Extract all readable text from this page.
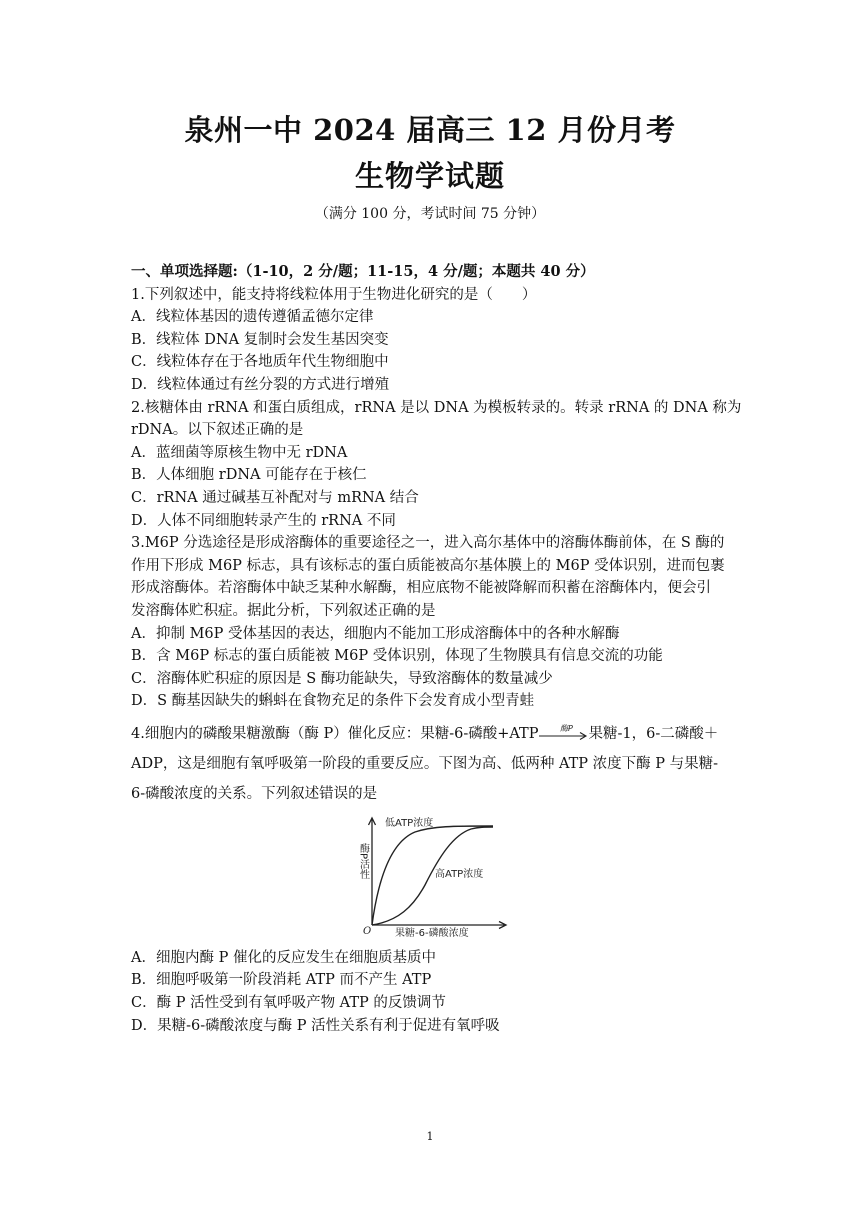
泉州一中 2024 届高三 12 月份月考
生物学试题
（满分 100 分，考试时间 75 分钟）
一、单项选择题:（1-10，2 分/题；11-15，4 分/题；本题共 40 分）
1.下列叙述中，能支持将线粒体用于生物进化研究的是（　　）
A．线粒体基因的遗传遵循孟德尔定律
B．线粒体 DNA 复制时会发生基因突变
C．线粒体存在于各地质年代生物细胞中
D．线粒体通过有丝分裂的方式进行增殖
2.核糖体由 rRNA 和蛋白质组成，rRNA 是以 DNA 为模板转录的。转录 rRNA 的 DNA 称为
rDNA。以下叙述正确的是
A．蓝细菌等原核生物中无 rDNA
B．人体细胞 rDNA 可能存在于核仁
C．rRNA 通过碱基互补配对与 mRNA 结合
D．人体不同细胞转录产生的 rRNA 不同
3.M6P 分选途径是形成溶酶体的重要途径之一，进入高尔基体中的溶酶体酶前体，在 S 酶的
作用下形成 M6P 标志，具有该标志的蛋白质能被高尔基体膜上的 M6P 受体识别，进而包裹
形成溶酶体。若溶酶体中缺乏某种水解酶，相应底物不能被降解而积蓄在溶酶体内，便会引
发溶酶体贮积症。据此分析，下列叙述正确的是
A．抑制 M6P 受体基因的表达，细胞内不能加工形成溶酶体中的各种水解酶
B．含 M6P 标志的蛋白质能被 M6P 受体识别，体现了生物膜具有信息交流的功能
C．溶酶体贮积症的原因是 S 酶功能缺失，导致溶酶体的数量减少
D．S 酶基因缺失的蝌蚪在食物充足的条件下会发育成小型青蛙
4.细胞内的磷酸果糖激酶（酶 P）催化反应：果糖-6-磷酸+ATP	酶P 果糖-1，6-二磷酸＋
ADP，这是细胞有氧呼吸第一阶段的重要反应。下图为高、低两种 ATP 浓度下酶 P 与果糖-
6-磷酸浓度的关系。下列叙述错误的是
低ATP浓度
高ATP浓度
酶P活性
果糖-6-磷酸浓度
O
A．细胞内酶 P 催化的反应发生在细胞质基质中
B．细胞呼吸第一阶段消耗 ATP 而不产生 ATP
C．酶 P 活性受到有氧呼吸产物 ATP 的反馈调节
D．果糖-6-磷酸浓度与酶 P 活性关系有利于促进有氧呼吸
1
